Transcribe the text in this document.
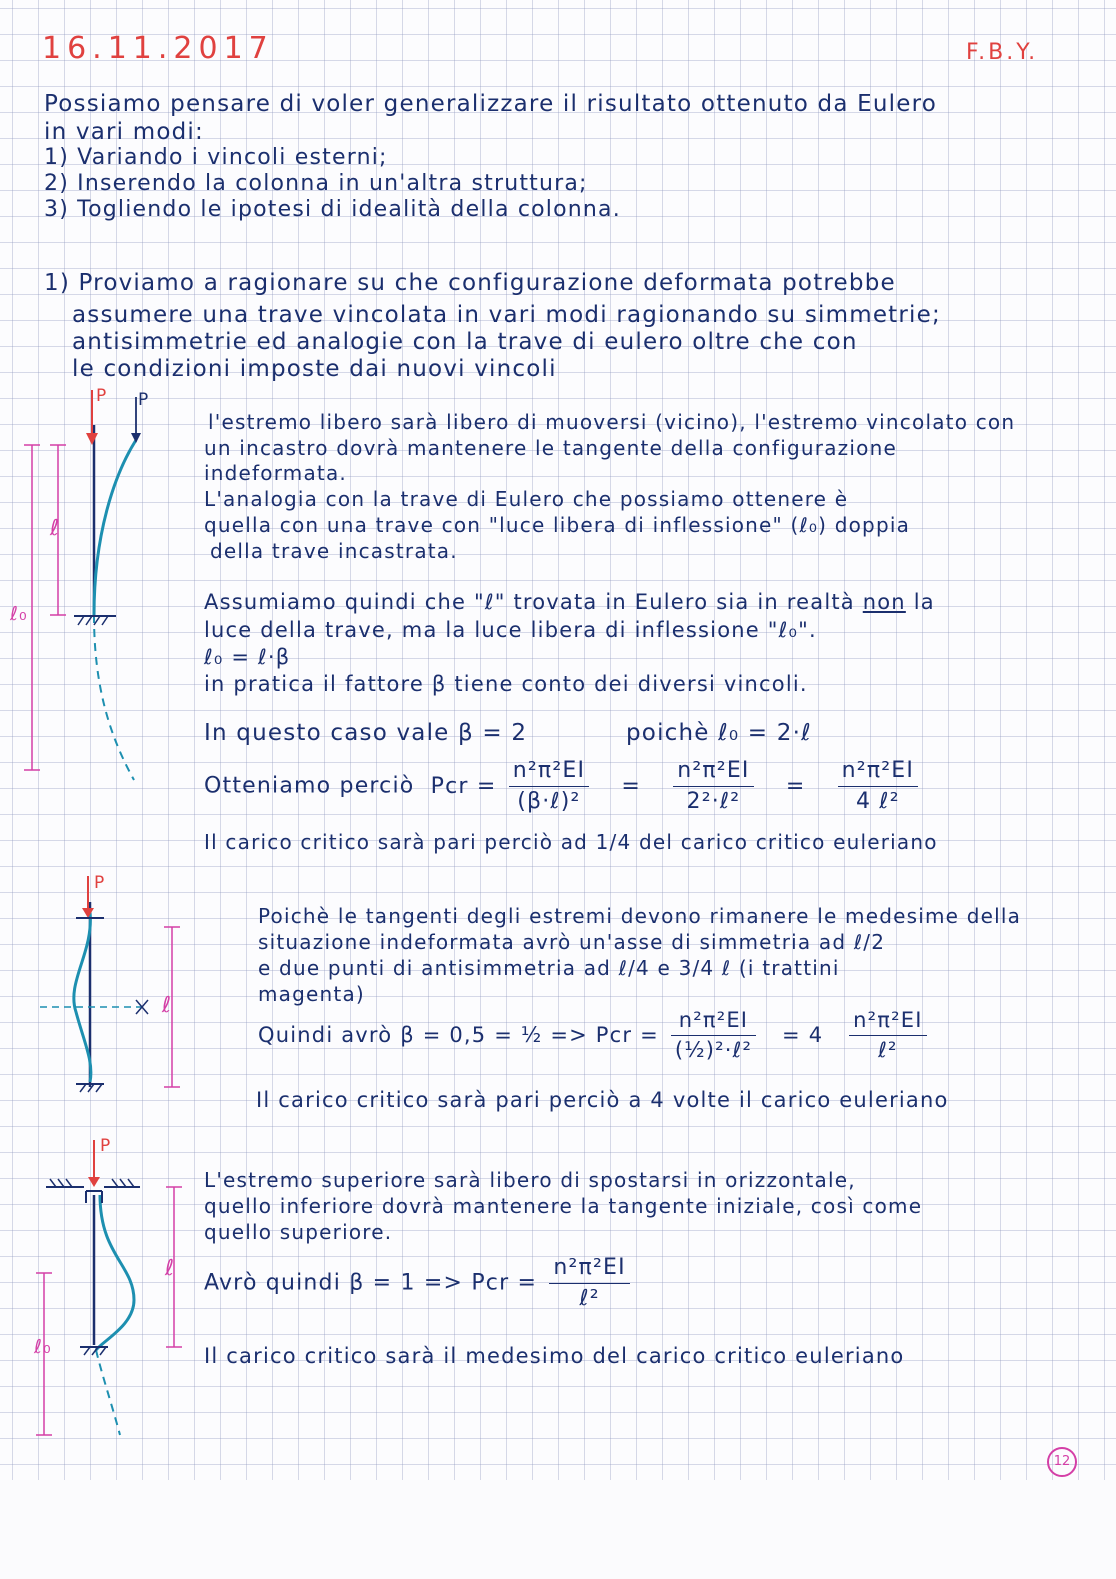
16.11.2017	F.B.Y.
Possiamo pensare di voler generalizzare il risultato ottenuto da Eulero
in vari modi:
1) Variando i vincoli esterni;
2) Inserendo la colonna in un'altra struttura;
3) Togliendo le ipotesi di idealità della colonna.
1) Proviamo a ragionare su che configurazione deformata potrebbe
assumere una trave vincolata in vari modi ragionando su simmetrie;
antisimmetrie ed analogie con la trave di eulero oltre che con
le condizioni imposte dai nuovi vincoli
P P
ℓ
ℓ₀
l'estremo libero sarà libero di muoversi (vicino), l'estremo vincolato con
un incastro dovrà mantenere le tangente della configurazione
indeformata.
L'analogia con la trave di Eulero che possiamo ottenere è
quella con una trave con "luce libera di inflessione" (ℓ₀) doppia
della trave incastrata.
Assumiamo quindi che "ℓ" trovata in Eulero sia in realtà non la
luce della trave, ma la luce libera di inflessione "ℓ₀".
ℓ₀ = ℓ·β
in pratica il fattore β tiene conto dei diversi vincoli.
In questo caso vale β = 2	poichè ℓ₀ = 2·ℓ
Otteniamo perciò Pcr = $\frac{\text{n²π²EI}}{\text{(β·ℓ)²}} = \frac{\text{n²π²EI}}{\text{2²·ℓ²}} = \frac{\text{n²π²EI}}{\text{4 ℓ²}}$
Il carico critico sarà pari perciò ad 1/4 del carico critico euleriano
P
ℓ
Poichè le tangenti degli estremi devono rimanere le medesime della
situazione indeformata avrò un'asse di simmetria ad ℓ/2
e due punti di antisimmetria ad ℓ/4 e 3/4 ℓ (i trattini
magenta)
Quindi avrò β = 0,5 = ½ => Pcr = $\frac{\text{n²π²EI}}{\text{(½)²·ℓ²}} = 4 \frac{\text{n²π²EI}}{\text{ℓ²}}$
Il carico critico sarà pari perciò a 4 volte il carico euleriano
P
ℓ
ℓ₀
L'estremo superiore sarà libero di spostarsi in orizzontale,
quello inferiore dovrà mantenere la tangente iniziale, così come
quello superiore.
Avrò quindi β = 1 => Pcr = $\frac{\text{n²π²EI}}{\text{ℓ²}}$
Il carico critico sarà il medesimo del carico critico euleriano
12
